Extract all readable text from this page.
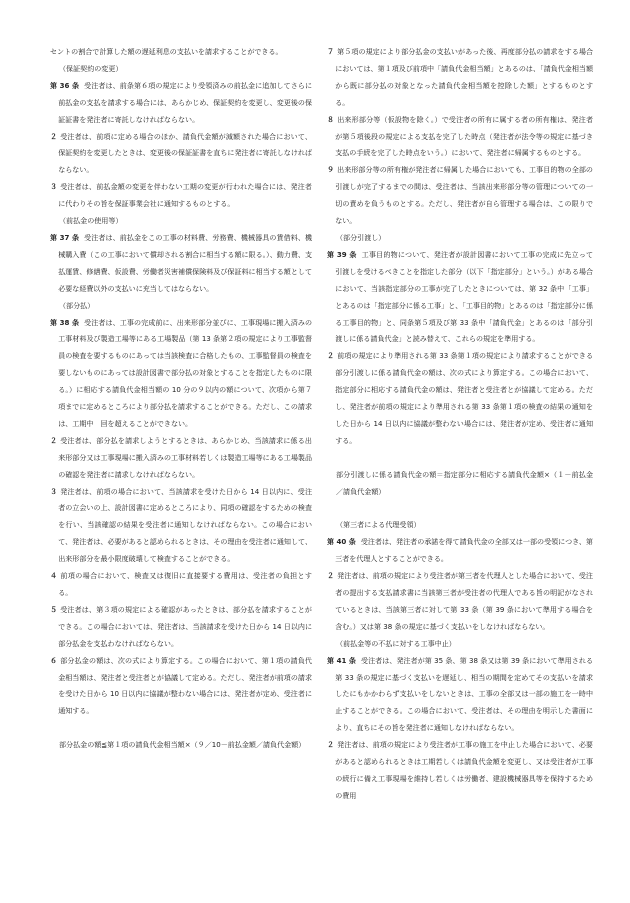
セントの割合で計算した額の遅延利息の支払いを請求することができる。

（保証契約の変更）

第 36 条 受注者は、前条第６項の規定により受領済みの前払金に追加してさらに前払金の支払を請求する場合には、あらかじめ、保証契約を変更し、変更後の保証証書を発注者に寄託しなければならない。

２ 受注者は、前項に定める場合のほか、請負代金額が減額された場合において、保証契約を変更したときは、変更後の保証証書を直ちに発注者に寄託しなければならない。

３ 受注者は、前払金額の変更を伴わない工期の変更が行われた場合には、発注者に代わりその旨を保証事業会社に通知するものとする。

（前払金の使用等）

第 37 条 受注者は、前払金をこの工事の材料費、労務費、機械器具の賃借料、機械購入費（この工事において償却される割合に相当する額に限る。）、動力費、支払運賃、修繕費、仮設費、労働者災害補償保険料及び保証料に相当する額として必要な経費以外の支払いに充当してはならない。

（部分払）

第 38 条 受注者は、工事の完成前に、出来形部分並びに、工事現場に搬入済みの工事材料及び製造工場等にある工場製品（第 13 条第２項の規定により工事監督員の検査を要するものにあっては当該検査に合格したもの、工事監督員の検査を要しないものにあっては設計図書で部分払の対象とすることを指定したものに限る。）に相応する請負代金相当額の 10 分の９以内の額について、次項から第７項までに定めるところにより部分払を請求することができる。ただし、この請求は、工期中　回を超えることができない。

２ 受注者は、部分払を請求しようとするときは、あらかじめ、当該請求に係る出来形部分又は工事現場に搬入済みの工事材料若しくは製造工場等にある工場製品の確認を発注者に請求しなければならない。

３ 発注者は、前項の場合において、当該請求を受けた日から 14 日以内に、受注者の立会いの上、設計図書に定めるところにより、同項の確認をするための検査を行い、当該確認の結果を受注者に通知しなければならない。この場合において、発注者は、必要があると認められるときは、その理由を受注者に通知して、出来形部分を最小限度破壊して検査することができる。

４ 前項の場合において、検査又は復旧に直接要する費用は、受注者の負担とする。

５ 受注者は、第３項の規定による確認があったときは、部分払を請求することができる。この場合においては、発注者は、当該請求を受けた日から 14 日以内に部分払金を支払わなければならない。

６ 部分払金の額は、次の式により算定する。この場合において、第１項の請負代金相当額は、発注者と受注者とが協議して定める。ただし、発注者が前項の請求を受けた日から 10 日以内に協議が整わない場合には、発注者が定め、受注者に通知する。

部分払金の額≦第１項の請負代金相当額×（９／10－前払金額／請負代金額）

７ 第５項の規定により部分払金の支払いがあった後、再度部分払の請求をする場合においては、第１項及び前項中「請負代金相当額」とあるのは、「請負代金相当額から既に部分払の対象となった請負代金相当額を控除した額」とするものとする。

８ 出来形部分等（仮設物を除く。）で受注者の所有に属する者の所有権は、発注者が第５項後段の規定による支払を完了した時点（発注者が法令等の規定に基づき支払の手続を完了した時点をいう。）において、発注者に帰属するものとする。

９ 出来形部分等の所有権が発注者に帰属した場合においても、工事目的物の全部の引渡しが完了するまでの間は、受注者は、当該出来形部分等の管理についての一切の責めを負うものとする。ただし、発注者が自ら管理する場合は、この限りでない。

（部分引渡し）

第 39 条 工事目的物について、発注者が設計図書において工事の完成に先立って引渡しを受けるべきことを指定した部分（以下「指定部分」という。）がある場合において、当該指定部分の工事が完了したときについては、第 32 条中「工事」とあるのは「指定部分に係る工事」と、「工事目的物」とあるのは「指定部分に係る工事目的物」と、同条第５項及び第 33 条中「請負代金」とあるのは「部分引渡しに係る請負代金」と読み替えて、これらの規定を準用する。

２ 前項の規定により準用される第 33 条第１項の規定により請求することができる部分引渡しに係る請負代金の額は、次の式により算定する。この場合において、指定部分に相応する請負代金の額は、発注者と受注者とが協議して定める。ただし、発注者が前項の規定により準用される第 33 条第１項の検査の結果の通知をした日から 14 日以内に協議が整わない場合には、発注者が定め、受注者に通知する。

部分引渡しに係る請負代金の額＝指定部分に相応する請負代金額×（１－前払金／請負代金額）

（第三者による代理受領）

第 40 条 受注者は、発注者の承諾を得て請負代金の全部又は一部の受領につき、第三者を代理人とすることができる。

２ 発注者は、前項の規定により受注者が第三者を代理人とした場合において、受注者の提出する支払請求書に当該第三者が受注者の代理人である旨の明記がなされているときは、当該第三者に対して第 33 条（第 39 条において準用する場合を含む。）又は第 38 条の規定に基づく支払いをしなければならない。

（前払金等の不払に対する工事中止）

第 41 条 受注者は、発注者が第 35 条、第 38 条又は第 39 条において準用される第 33 条の規定に基づく支払いを遅延し、相当の期間を定めてその支払いを請求したにもかかわらず支払いをしないときは、工事の全部又は一部の施工を一時中止することができる。この場合において、受注者は、その理由を明示した書面により、直ちにその旨を発注者に通知しなければならない。

２ 発注者は、前項の規定により受注者が工事の施工を中止した場合において、必要があると認められるときは工期若しくは請負代金額を変更し、又は受注者が工事の続行に備え工事現場を維持し若しくは労働者、建設機械器具等を保持するための費用
